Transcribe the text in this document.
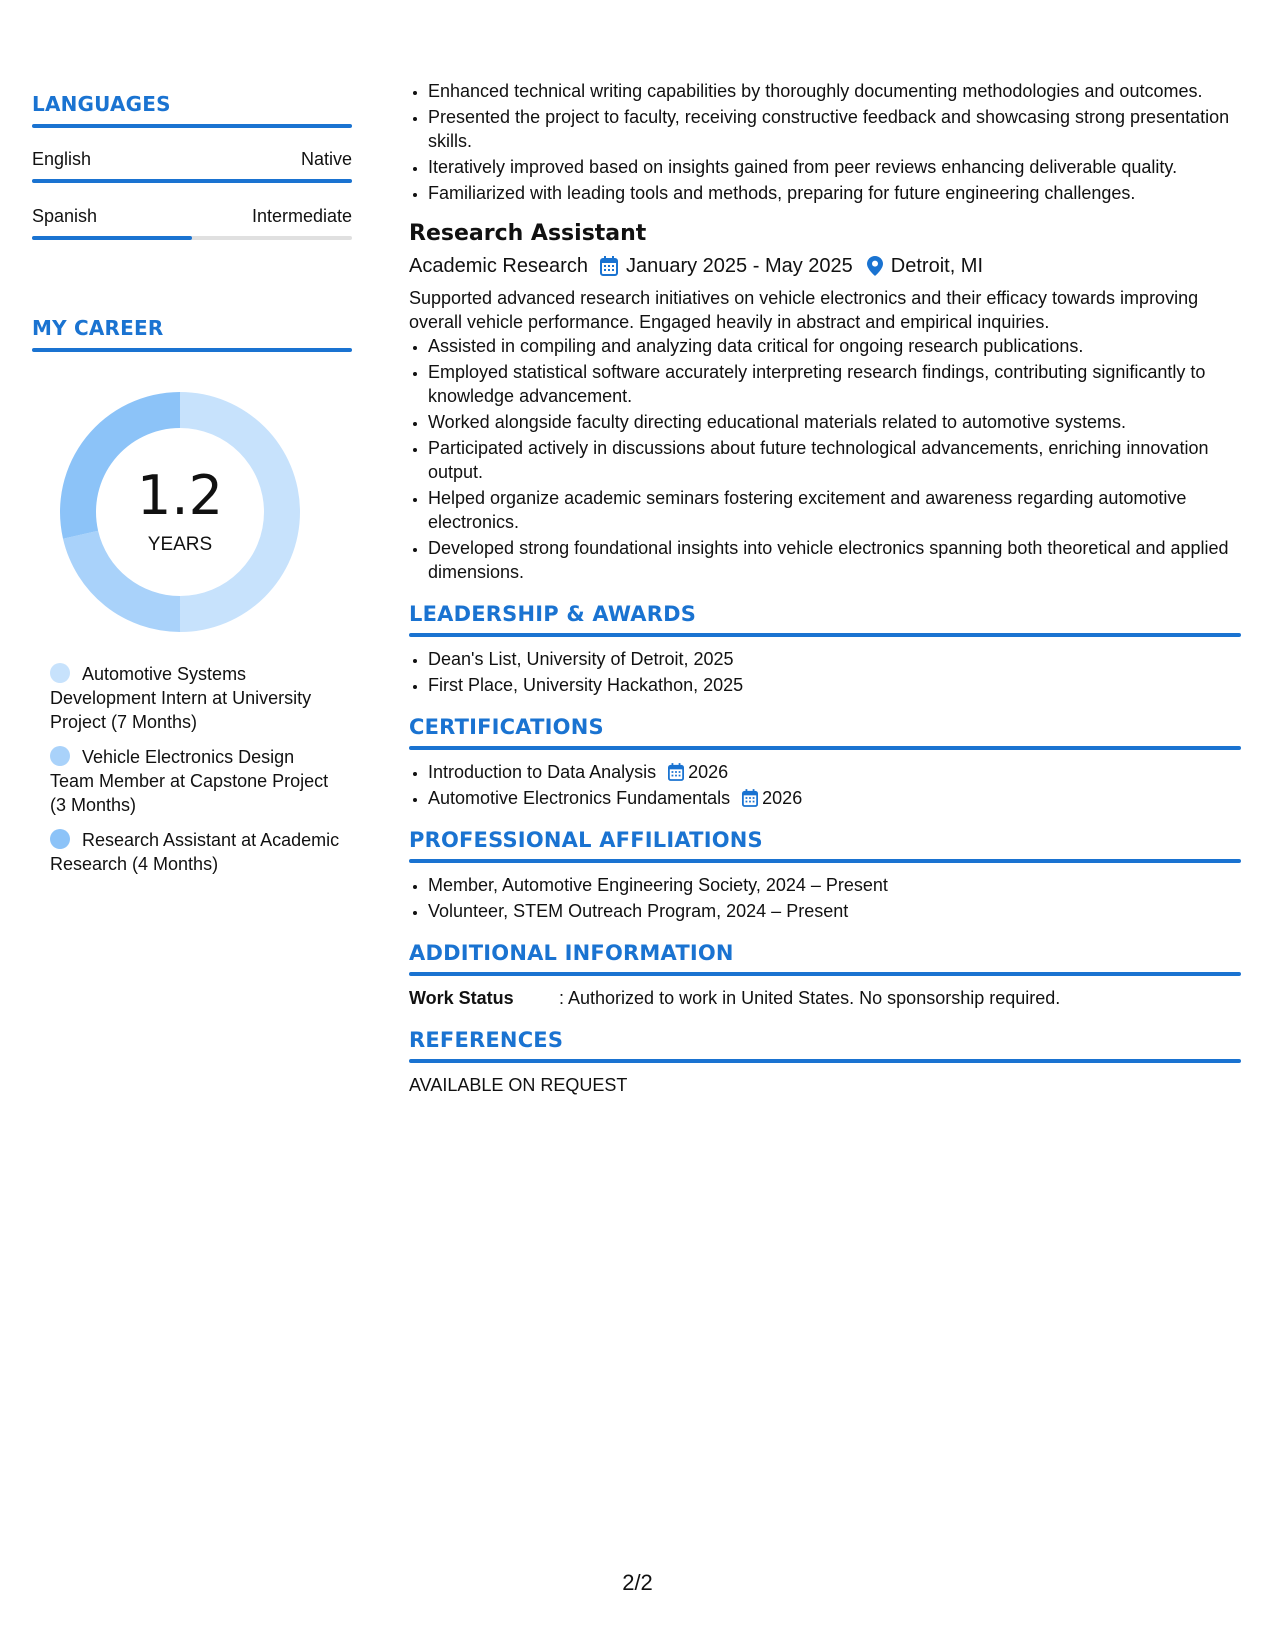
LANGUAGES
English	Native
Spanish	Intermediate
MY CAREER
1.2
YEARS
Automotive Systems Development Intern at University Project (7 Months)
Vehicle Electronics Design Team Member at Capstone Project (3 Months)
Research Assistant at Academic Research (4 Months)
• Enhanced technical writing capabilities by thoroughly documenting methodologies and outcomes.
• Presented the project to faculty, receiving constructive feedback and showcasing strong presentation skills.
• Iteratively improved based on insights gained from peer reviews enhancing deliverable quality.
• Familiarized with leading tools and methods, preparing for future engineering challenges.
Research Assistant
Academic Research January 2025 - May 2025 Detroit, MI
Supported advanced research initiatives on vehicle electronics and their efficacy towards improving overall vehicle performance. Engaged heavily in abstract and empirical inquiries.
• Assisted in compiling and analyzing data critical for ongoing research publications.
• Employed statistical software accurately interpreting research findings, contributing significantly to knowledge advancement.
• Worked alongside faculty directing educational materials related to automotive systems.
• Participated actively in discussions about future technological advancements, enriching innovation output.
• Helped organize academic seminars fostering excitement and awareness regarding automotive electronics.
• Developed strong foundational insights into vehicle electronics spanning both theoretical and applied dimensions.
LEADERSHIP & AWARDS
• Dean's List, University of Detroit, 2025
• First Place, University Hackathon, 2025
CERTIFICATIONS
• Introduction to Data Analysis 2026
• Automotive Electronics Fundamentals 2026
PROFESSIONAL AFFILIATIONS
• Member, Automotive Engineering Society, 2024 – Present
• Volunteer, STEM Outreach Program, 2024 – Present
ADDITIONAL INFORMATION
Work Status	: Authorized to work in United States. No sponsorship required.
REFERENCES
AVAILABLE ON REQUEST
2/2
